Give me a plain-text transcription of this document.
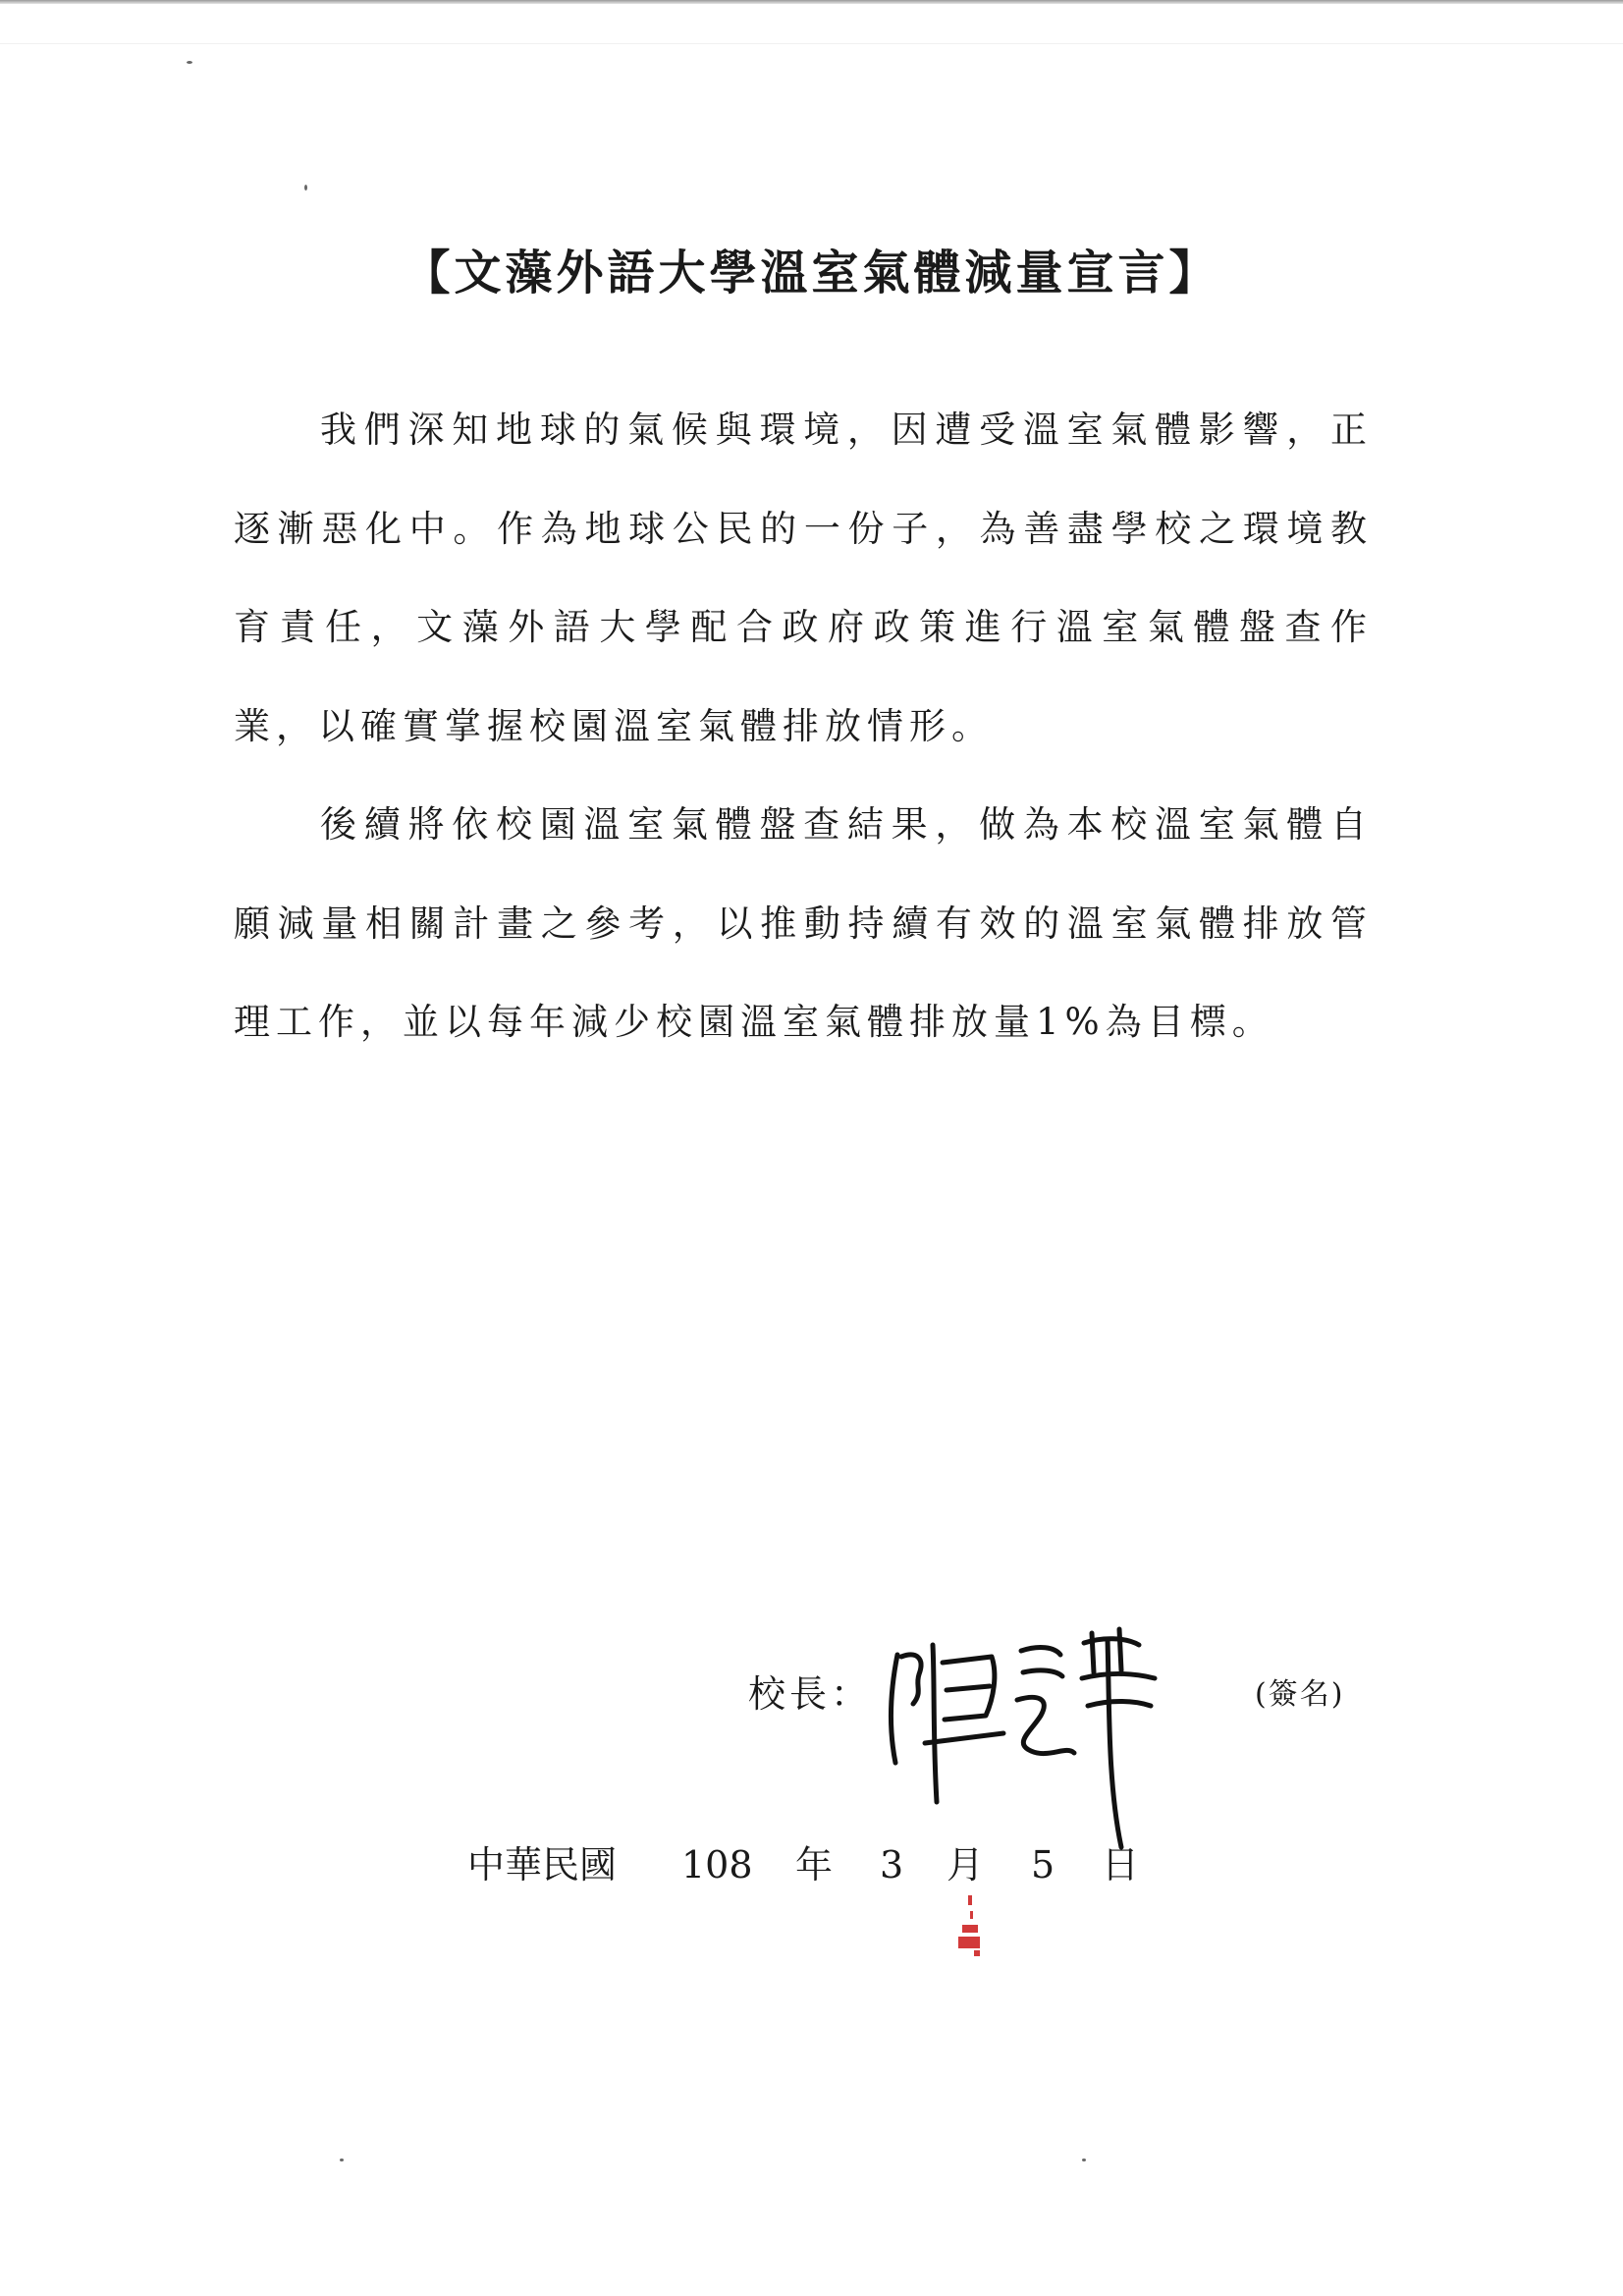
【文藻外語大學溫室氣體減量宣言】

我們深知地球的氣候與環境，因遭受溫室氣體影響，正逐漸惡化中。作為地球公民的一份子，為善盡學校之環境教育責任，文藻外語大學配合政府政策進行溫室氣體盤查作業，以確實掌握校園溫室氣體排放情形。

後續將依校園溫室氣體盤查結果，做為本校溫室氣體自願減量相關計畫之參考，以推動持續有效的溫室氣體排放管理工作，並以每年減少校園溫室氣體排放量1%為目標。

校長：	(簽名)
中華民國 108 年 3 月 5 日
